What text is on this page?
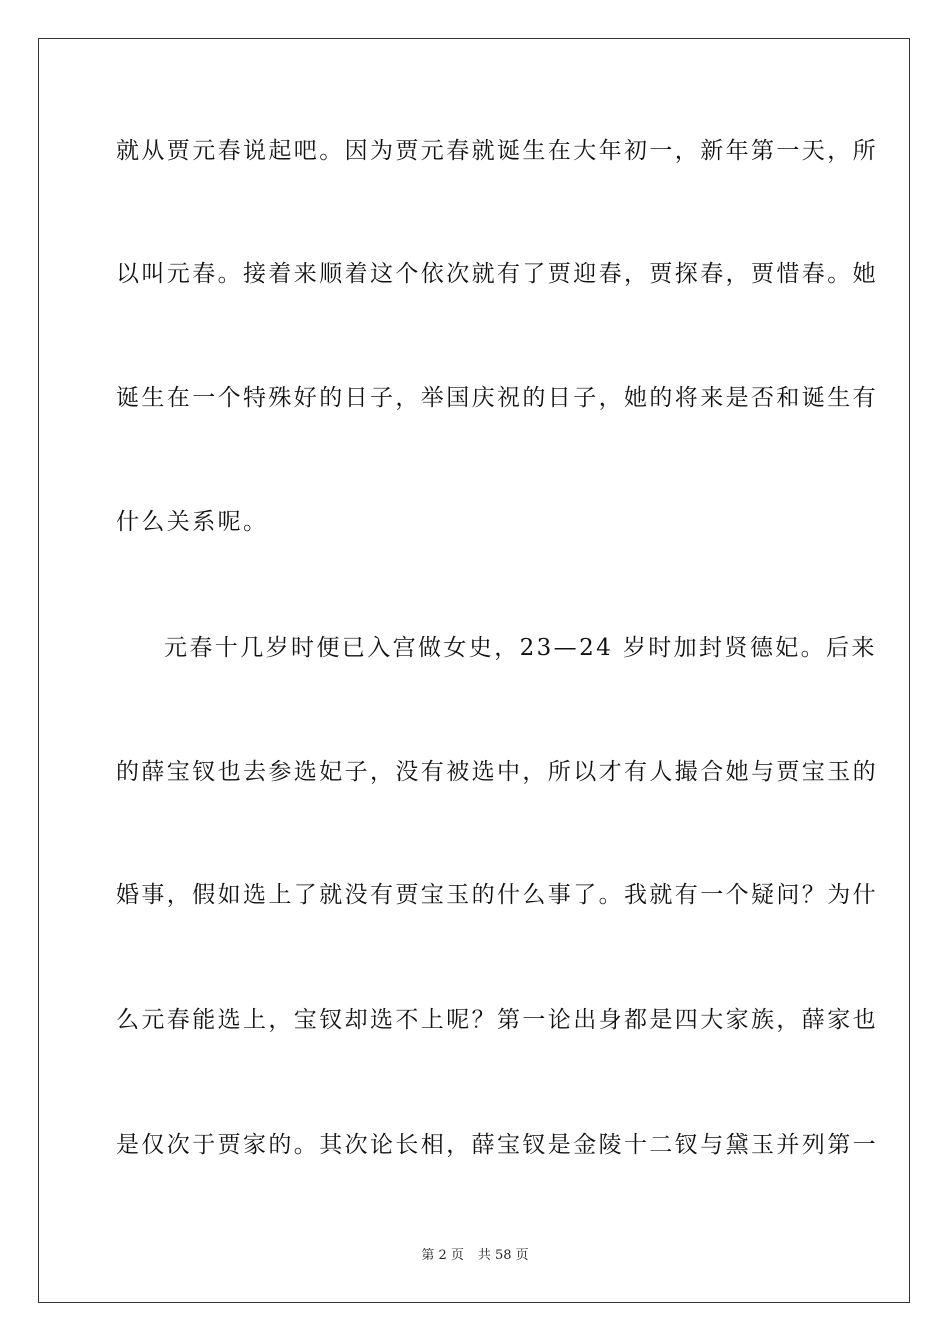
就从贾元春说起吧。因为贾元春就诞生在大年初一，新年第一天，所
以叫元春。接着来顺着这个依次就有了贾迎春，贾探春，贾惜春。她
诞生在一个特殊好的日子，举国庆祝的日子，她的将来是否和诞生有
什么关系呢。
元春十几岁时便已入宫做女史，23—24 岁时加封贤德妃。后来
的薛宝钗也去参选妃子，没有被选中，所以才有人撮合她与贾宝玉的
婚事，假如选上了就没有贾宝玉的什么事了。我就有一个疑问？为什
么元春能选上，宝钗却选不上呢？第一论出身都是四大家族，薛家也
是仅次于贾家的。其次论长相，薛宝钗是金陵十二钗与黛玉并列第一
第 2 页 共 58 页
